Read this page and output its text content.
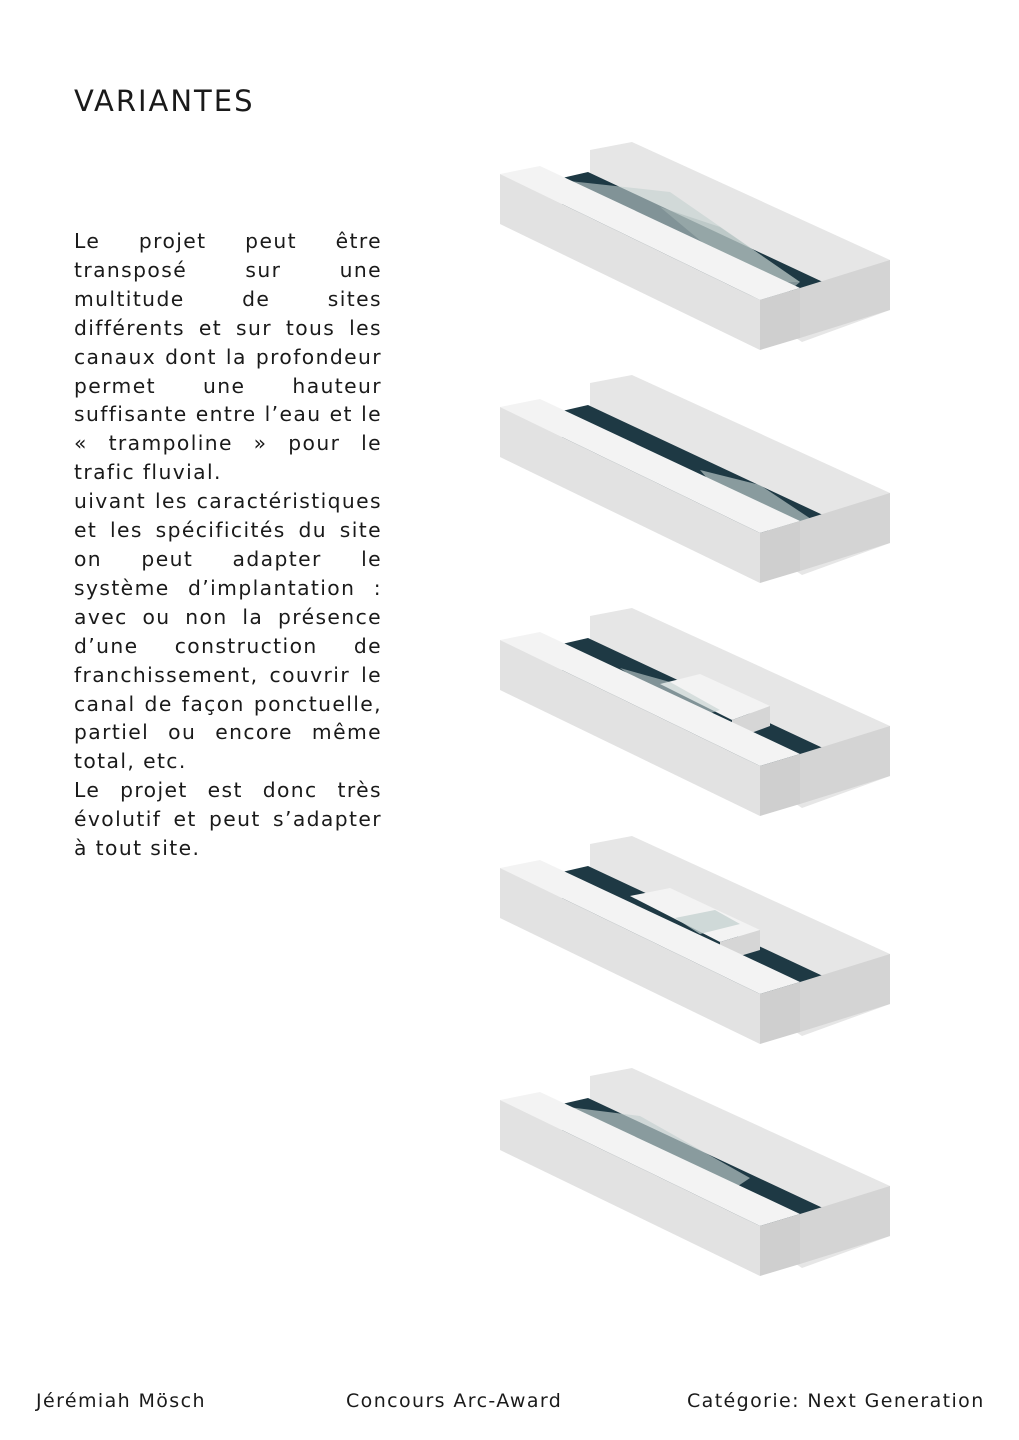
VARIANTES

Le projet peut être transposé sur une multitude de sites différents et sur tous les canaux dont la profondeur permet une hauteur suffisante entre l’eau et le « trampoline » pour le trafic fluvial.

uivant les caractéristiques et les spécificités du site on peut adapter le système d’implantation : avec ou non la présence d’une construction de franchissement, couvrir le canal de façon ponctuelle, partiel ou encore même total, etc.

Le projet est donc très évolutif et peut s’adapter à tout site.

Jérémiah Mösch	Concours Arc-Award	Catégorie: Next Generation
